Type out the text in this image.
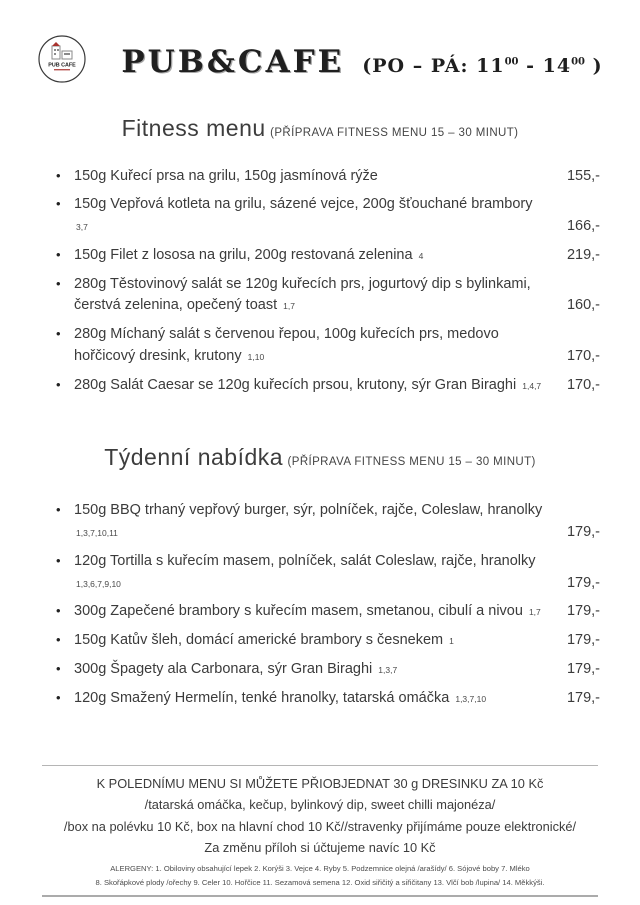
PUB CAFE PUB&CAFE (PO – PÁ: $11^{00} - 14^{00}$ )
Fitness menu (PŘÍPRAVA FITNESS MENU 15 – 30 MINUT)
• 150g Kuřecí prsa na grilu, 150g jasmínová rýže	155,-
• 150g Vepřová kotleta na grilu, sázené vejce, 200g šťouchané brambory 3,7	166,-
• 150g Filet z lososa na grilu, 200g restovaná zelenina 4	219,-
• 280g Těstovinový salát se 120g kuřecích prs, jogurtový dip s bylinkami, čerstvá zelenina, opečený toast 1,7	160,-
• 280g Míchaný salát s červenou řepou, 100g kuřecích prs, medovo hořčicový dresink, krutony 1,10	170,-
• 280g Salát Caesar se 120g kuřecích prsou, krutony, sýr Gran Biraghi 1,4,7	170,-
Týdenní nabídka (PŘÍPRAVA FITNESS MENU 15 – 30 MINUT)
• 150g BBQ trhaný vepřový burger, sýr, polníček, rajče, Coleslaw, hranolky 1,3,7,10,11	179,-
• 120g Tortilla s kuřecím masem, polníček, salát Coleslaw, rajče, hranolky 1,3,6,7,9,10	179,-
• 300g Zapečené brambory s kuřecím masem, smetanou, cibulí a nivou 1,7	179,-
• 150g Katův šleh, domácí americké brambory s česnekem 1	179,-
• 300g Špagety ala Carbonara, sýr Gran Biraghi 1,3,7	179,-
• 120g Smažený Hermelín, tenké hranolky, tatarská omáčka 1,3,7,10	179,-
K POLEDNÍMU MENU SI MŮŽETE PŘIOBJEDNAT 30 g DRESINKU ZA 10 Kč
/tatarská omáčka, kečup, bylinkový dip, sweet chilli majonéza/
/box na polévku 10 Kč, box na hlavní chod 10 Kč//stravenky přijímáme pouze elektronické/
Za změnu příloh si účtujeme navíc 10 Kč
ALERGENY: 1. Obiloviny obsahující lepek 2. Korýši 3. Vejce 4. Ryby 5. Podzemnice olejná /arašídy/ 6. Sójové boby 7. Mléko
8. Skořápkové plody /ořechy 9. Celer 10. Hořčice 11. Sezamová semena 12. Oxid siřičitý a siřičitany 13. Vlčí bob /lupina/ 14. Měkkýši.
